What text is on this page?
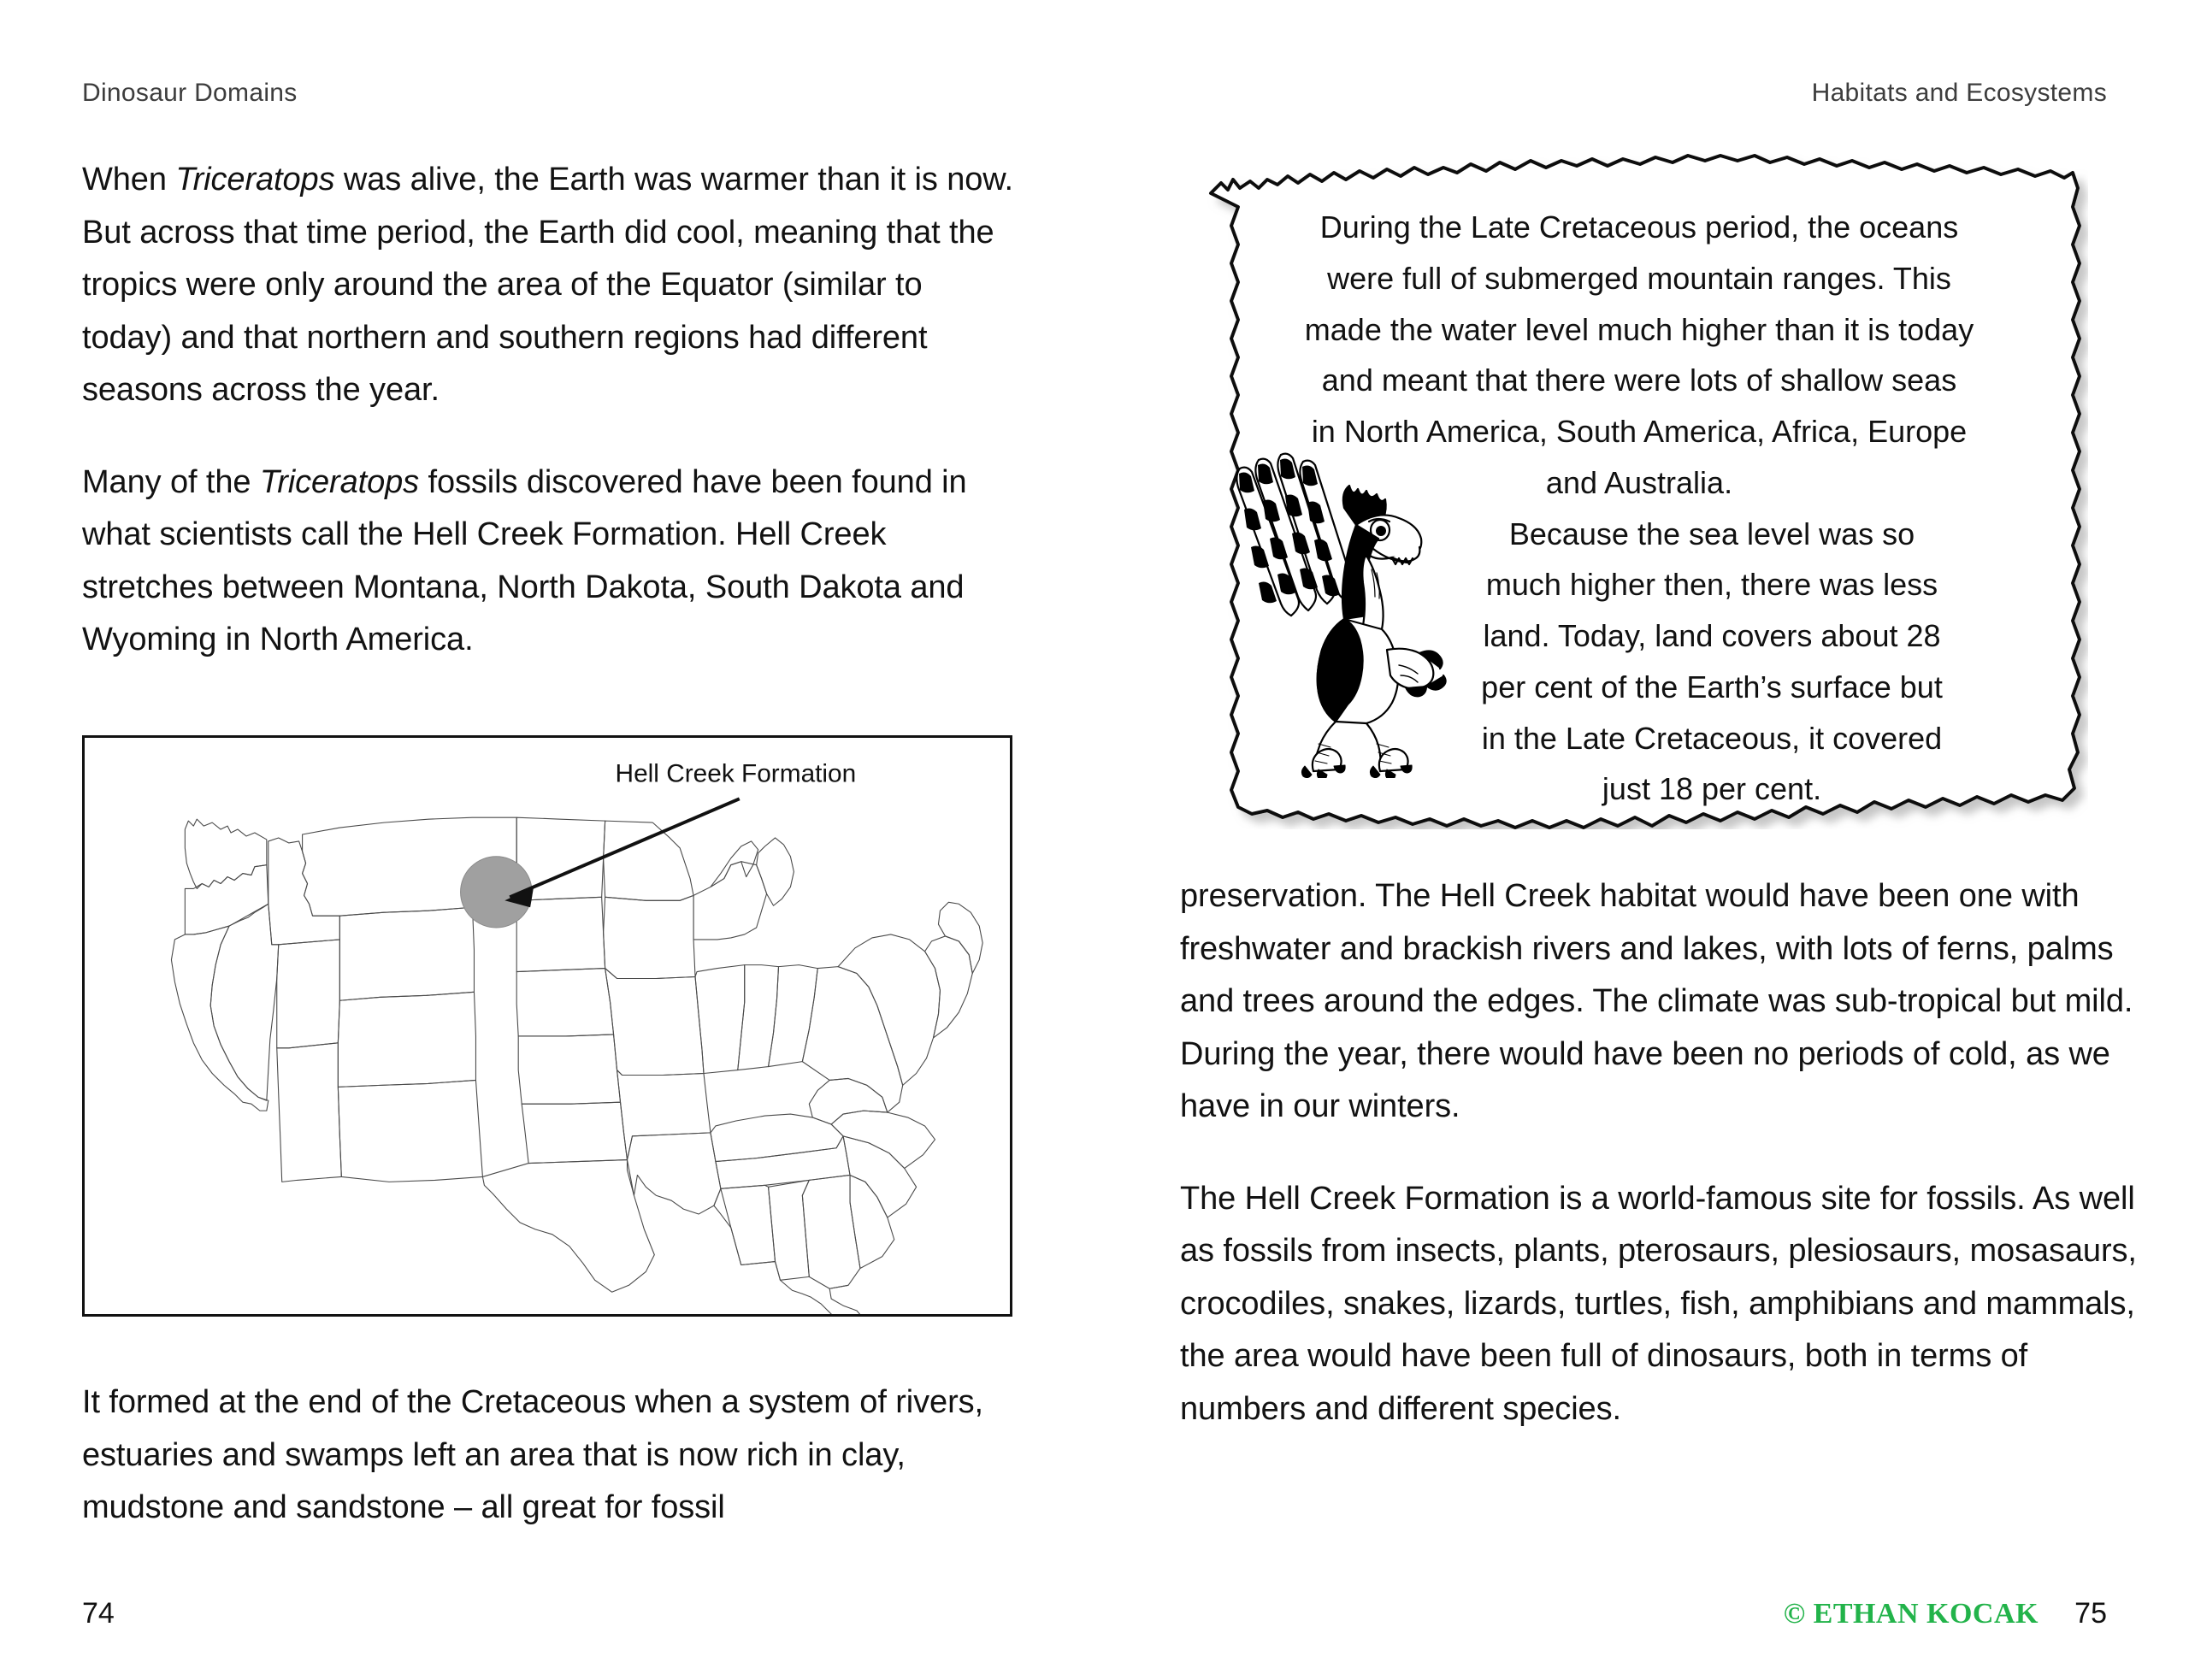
Dinosaur Domains	Habitats and Ecosystems

When Triceratops was alive, the Earth was warmer than it is now. But across that time period, the Earth did cool, meaning that the tropics were only around the area of the Equator (similar to today) and that northern and southern regions had different seasons across the year.

Many of the Triceratops fossils discovered have been found in what scientists call the Hell Creek Formation. Hell Creek stretches between Montana, North Dakota, South Dakota and Wyoming in North America.

Hell Creek Formation

It formed at the end of the Cretaceous when a system of rivers, estuaries and swamps left an area that is now rich in clay, mudstone and sandstone – all great for fossil

During the Late Cretaceous period, the oceans

were full of submerged mountain ranges. This

made the water level much higher than it is today

and meant that there were lots of shallow seas

in North America, South America, Africa, Europe

and Australia.

Because the sea level was so

much higher then, there was less

land. Today, land covers about 28

per cent of the Earth’s surface but

in the Late Cretaceous, it covered

just 18 per cent.

preservation. The Hell Creek habitat would have been one with freshwater and brackish rivers and lakes, with lots of ferns, palms and trees around the edges. The climate was sub-tropical but mild. During the year, there would have been no periods of cold, as we have in our winters.

The Hell Creek Formation is a world-famous site for fossils. As well as fossils from insects, plants, pterosaurs, plesiosaurs, mosasaurs, crocodiles, snakes, lizards, turtles, fish, amphibians and mammals, the area would have been full of dinosaurs, both in terms of numbers and different species.

74	75
© ETHAN KOCAK
